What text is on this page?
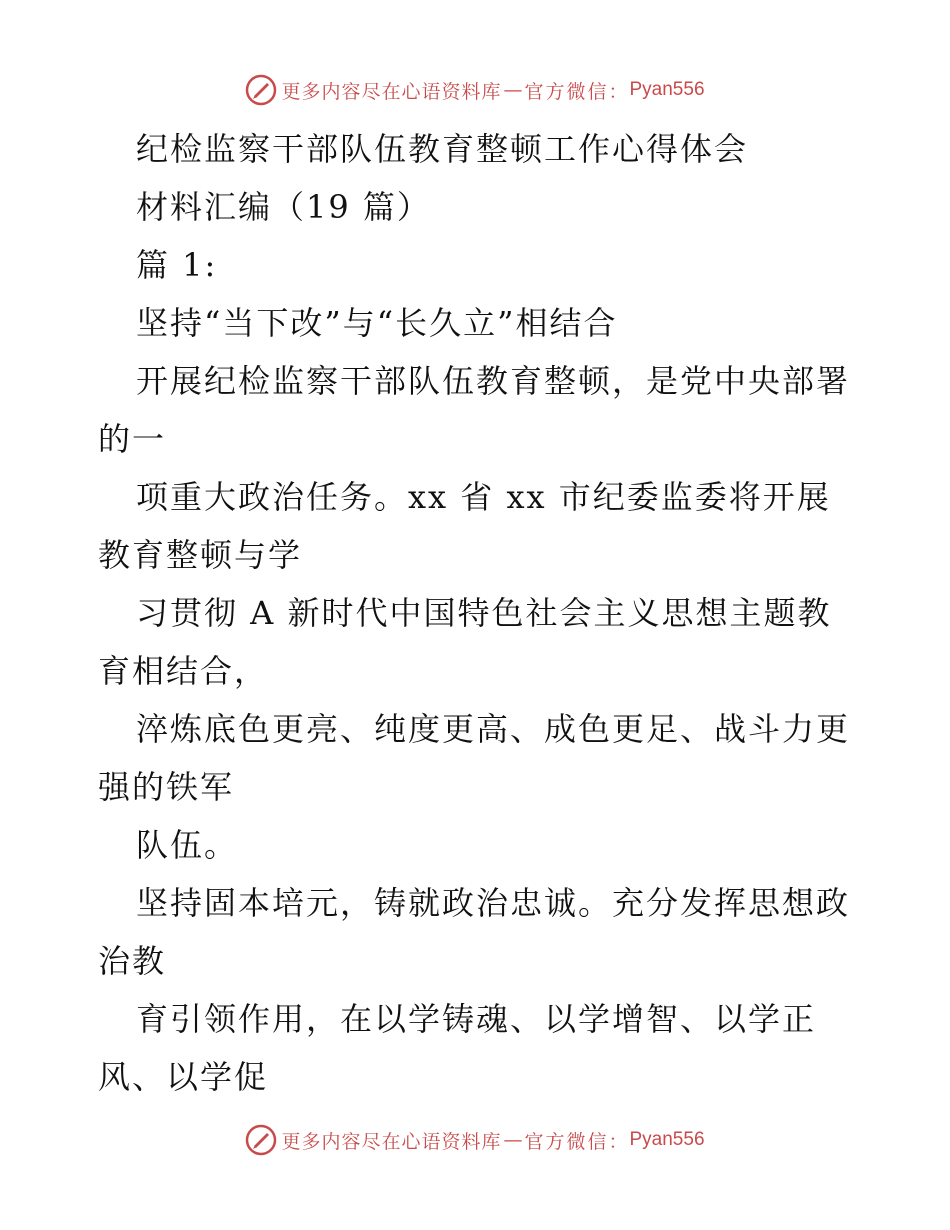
更多内容尽在心语资料库 — 官方微信： Pyan556
纪检监察干部队伍教育整顿工作心得体会
材料汇编（19 篇）
篇 1:
坚持“当下改”与“长久立”相结合
开展纪检监察干部队伍教育整顿，是党中央部署
的一
项重大政治任务。xx 省 xx 市纪委监委将开展
教育整顿与学
习贯彻 A 新时代中国特色社会主义思想主题教
育相结合，
淬炼底色更亮、纯度更高、成色更足、战斗力更
强的铁军
队伍。
坚持固本培元，铸就政治忠诚。充分发挥思想政
治教
育引领作用，在以学铸魂、以学增智、以学正
风、以学促
更多内容尽在心语资料库 — 官方微信： Pyan556
